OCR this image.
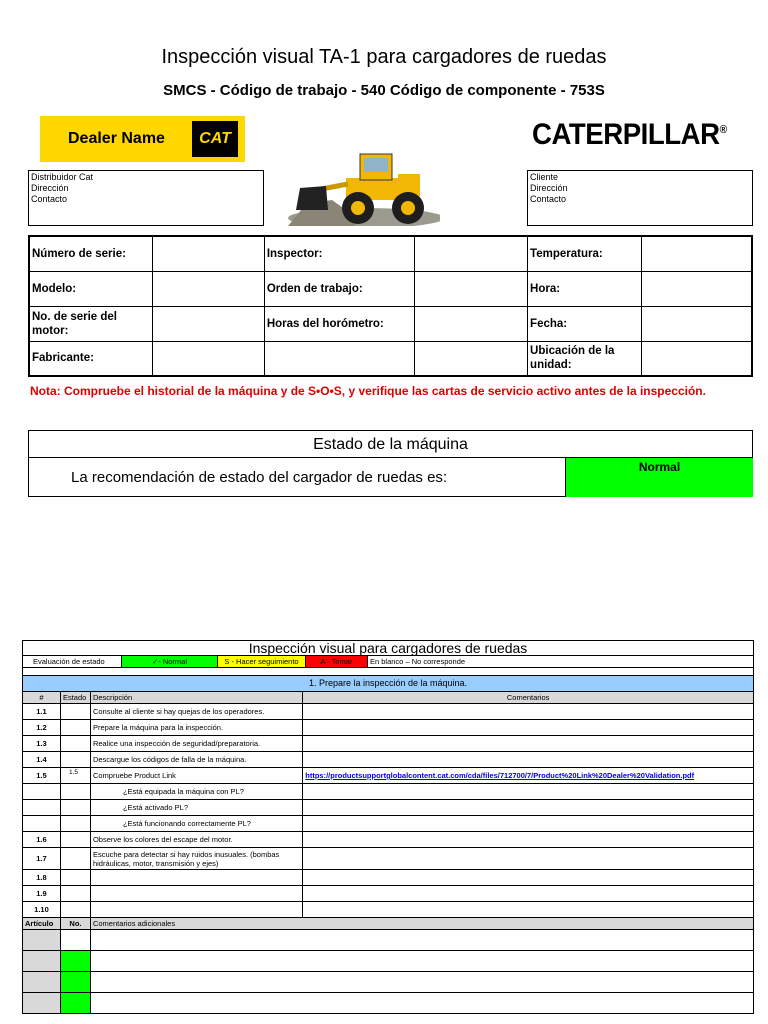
Inspección visual TA-1 para cargadores de ruedas
SMCS - Código de trabajo - 540 Código de componente - 753S
Dealer Name	CAT	CATERPILLAR®
Distribuidor Cat
Dirección
Contacto
Cliente
Dirección
Contacto
Número de serie:		Inspector:		Temperatura:	
Modelo:		Orden de trabajo:		Hora:	
No. de serie del motor:		Horas del horómetro:		Fecha:	
Fabricante:				Ubicación de la unidad:	
Nota: Compruebe el historial de la máquina y de S•O•S, y verifique las cartas de servicio activo antes de la inspección.
Estado de la máquina
La recomendación de estado del cargador de ruedas es:
Normal
Inspección visual para cargadores de ruedas			

Evaluación de estado ✓- Normal S - Hacer seguimiento A - Tomar En blanco – No corresponde			

1. Prepare la inspección de la máquina.			
#	Estado	Descripción	Comentarios
1.1		Consulte al cliente si hay quejas de los operadores.	
1.2		Prepare la máquina para la inspección.	
1.3		Realice una inspección de seguridad/preparatoria.	
1.4		Descargue los códigos de falla de la máquina.	
1.5	1.5	Compruebe Product Link	https://productsupportglobalcontent.cat.com/cda/files/712700/7/Product%20Link%20Dealer%20Validation.pdf
		¿Está equipada la máquina con PL?	
		¿Está activado PL?	
		¿Está funcionando correctamente PL?	
1.6		Observe los colores del escape del motor.	
1.7		Escuche para detectar si hay ruidos inusuales. (bombas hidráulicas, motor, transmisión y ejes)	
1.8			
1.9			
1.10			
Artículo	No.	Comentarios adicionales	
